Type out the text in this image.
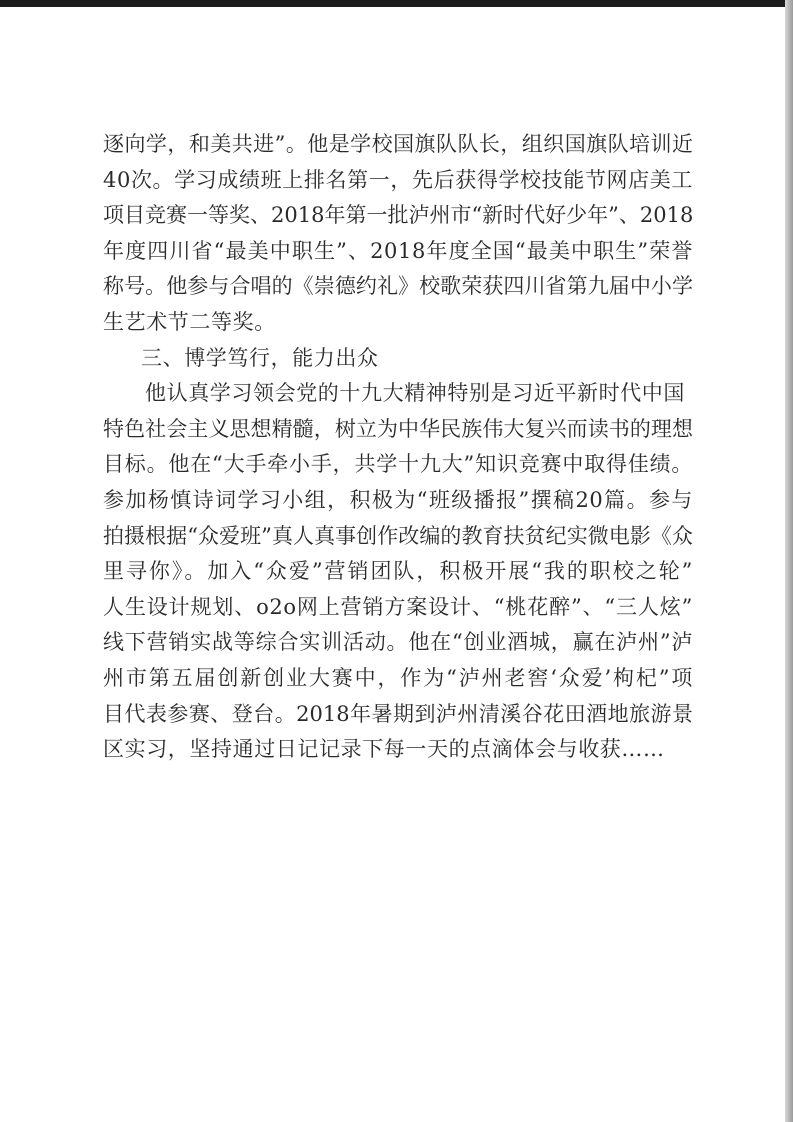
逐向学，和美共进”。他是学校国旗队队长，组织国旗队培训近
40次。学习成绩班上排名第一，先后获得学校技能节网店美工
项目竞赛一等奖、2018年第一批泸州市“新时代好少年”、2018
年度四川省“最美中职生”、2018年度全国“最美中职生”荣誉
称号。他参与合唱的《崇德约礼》校歌荣获四川省第九届中小学
生艺术节二等奖。
三、博学笃行，能力出众
他认真学习领会党的十九大精神特别是习近平新时代中国
特色社会主义思想精髓，树立为中华民族伟大复兴而读书的理想
目标。他在“大手牵小手，共学十九大”知识竞赛中取得佳绩。
参加杨慎诗词学习小组，积极为“班级播报”撰稿20篇。参与
拍摄根据“众爱班”真人真事创作改编的教育扶贫纪实微电影《众
里寻你》。加入“众爱”营销团队，积极开展“我的职校之轮”
人生设计规划、o2o网上营销方案设计、“桃花醉”、“三人炫”
线下营销实战等综合实训活动。他在“创业酒城，赢在泸州”泸
州市第五届创新创业大赛中，作为“泸州老窖‘众爱’枸杞”项
目代表参赛、登台。2018年暑期到泸州清溪谷花田酒地旅游景
区实习，坚持通过日记记录下每一天的点滴体会与收获……
